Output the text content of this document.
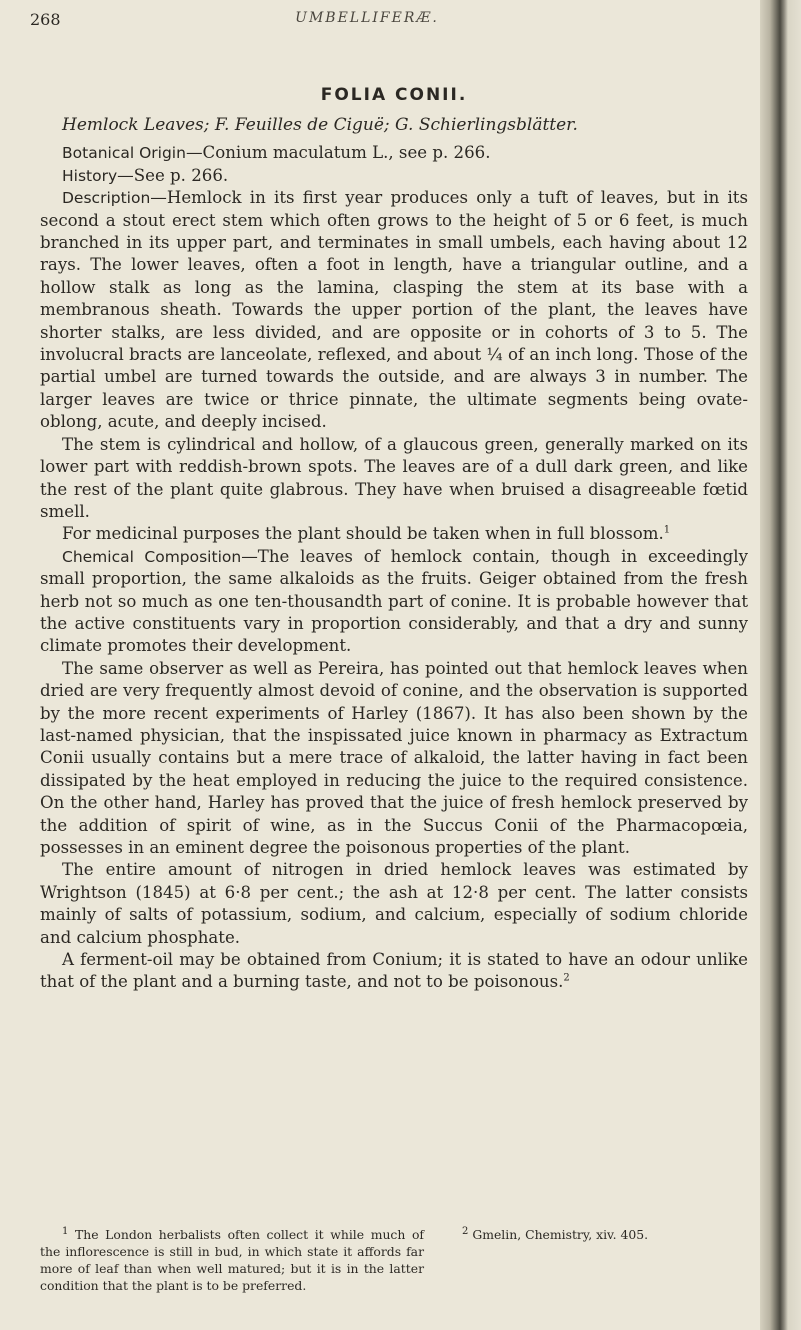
268	UMBELLIFERÆ.
FOLIA CONII.

Hemlock Leaves; F. Feuilles de Ciguë; G. Schierlingsblätter.

Botanical Origin—Conium maculatum L., see p. 266.

History—See p. 266.

Description—Hemlock in its first year produces only a tuft of leaves, but in its second a stout erect stem which often grows to the height of 5 or 6 feet, is much branched in its upper part, and terminates in small umbels, each having about 12 rays. The lower leaves, often a foot in length, have a triangular outline, and a hollow stalk as long as the lamina, clasping the stem at its base with a membranous sheath. Towards the upper portion of the plant, the leaves have shorter stalks, are less divided, and are opposite or in cohorts of 3 to 5. The involucral bracts are lanceolate, reflexed, and about ¼ of an inch long. Those of the partial umbel are turned towards the outside, and are always 3 in number. The larger leaves are twice or thrice pinnate, the ultimate segments being ovate-oblong, acute, and deeply incised.

The stem is cylindrical and hollow, of a glaucous green, generally marked on its lower part with reddish-brown spots. The leaves are of a dull dark green, and like the rest of the plant quite glabrous. They have when bruised a disagreeable fœtid smell.

For medicinal purposes the plant should be taken when in full blossom.$^1$

Chemical Composition—The leaves of hemlock contain, though in exceedingly small proportion, the same alkaloids as the fruits. Geiger obtained from the fresh herb not so much as one ten-thousandth part of conine. It is probable however that the active constituents vary in proportion considerably, and that a dry and sunny climate promotes their development.

The same observer as well as Pereira, has pointed out that hemlock leaves when dried are very frequently almost devoid of conine, and the observation is supported by the more recent experiments of Harley (1867). It has also been shown by the last-named physician, that the inspissated juice known in pharmacy as Extractum Conii usually contains but a mere trace of alkaloid, the latter having in fact been dissipated by the heat employed in reducing the juice to the required consistence. On the other hand, Harley has proved that the juice of fresh hemlock preserved by the addition of spirit of wine, as in the Succus Conii of the Pharmacopœia, possesses in an eminent degree the poisonous properties of the plant.

The entire amount of nitrogen in dried hemlock leaves was estimated by Wrightson (1845) at 6·8 per cent.; the ash at 12·8 per cent. The latter consists mainly of salts of potassium, sodium, and calcium, especially of sodium chloride and calcium phosphate.

A ferment-oil may be obtained from Conium; it is stated to have an odour unlike that of the plant and a burning taste, and not to be poisonous.$^2$

$^1$ The London herbalists often collect it while much of the inflorescence is still in bud, in which state it affords far more of leaf than when well matured; but it is in the latter condition that the plant is to be preferred.

$^2$ Gmelin, Chemistry, xiv. 405.
